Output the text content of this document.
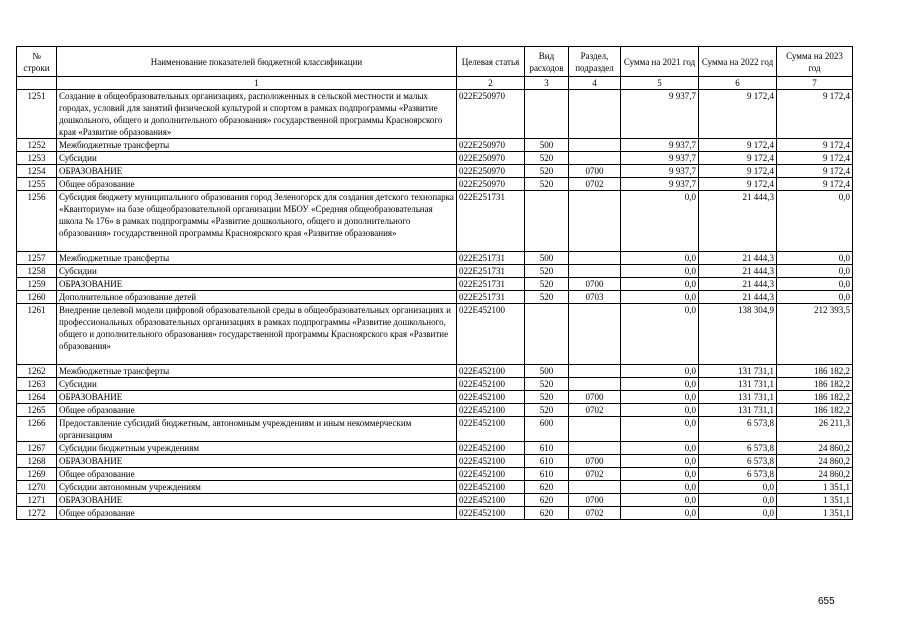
№ строки	Наименование показателей бюджетной классификации	Целевая статья	Вид расходов	Раздел, подраздел	Сумма на 2021 год	Сумма на 2022 год	Сумма на 2023 год
	1	2	3	4	5	6	7
1251	Создание в общеобразовательных организациях, расположенных в сельской местности и малых городах, условий для занятий физической культурой и спортом в рамках подпрограммы «Развитие дошкольного, общего и дополнительного образования» государственной программы Красноярского края «Развитие образования»	022Е250970			9 937,7	9 172,4	9 172,4
1252	Межбюджетные трансферты	022Е250970	500		9 937,7	9 172,4	9 172,4
1253	Субсидии	022Е250970	520		9 937,7	9 172,4	9 172,4
1254	ОБРАЗОВАНИЕ	022Е250970	520	0700	9 937,7	9 172,4	9 172,4
1255	Общее образование	022Е250970	520	0702	9 937,7	9 172,4	9 172,4
1256	Субсидия бюджету муниципального образования город Зеленогорск для создания детского технопарка «Кванториум» на базе общеобразовательной организации МБОУ «Средняя общеобразовательная школа № 176» в рамках подпрограммы «Развитие дошкольного, общего и дополнительного образования» государственной программы Красноярского края «Развитие образования»	022Е251731			0,0	21 444,3	0,0
1257	Межбюджетные трансферты	022Е251731	500		0,0	21 444,3	0,0
1258	Субсидии	022Е251731	520		0,0	21 444,3	0,0
1259	ОБРАЗОВАНИЕ	022Е251731	520	0700	0,0	21 444,3	0,0
1260	Дополнительное образование детей	022Е251731	520	0703	0,0	21 444,3	0,0
1261	Внедрение целевой модели цифровой образовательной среды в общеобразовательных организациях и профессиональных образовательных организациях в рамках подпрограммы «Развитие дошкольного, общего и дополнительного образования» государственной программы Красноярского края «Развитие образования»	022Е452100			0,0	138 304,9	212 393,5
1262	Межбюджетные трансферты	022Е452100	500		0,0	131 731,1	186 182,2
1263	Субсидии	022Е452100	520		0,0	131 731,1	186 182,2
1264	ОБРАЗОВАНИЕ	022Е452100	520	0700	0,0	131 731,1	186 182,2
1265	Общее образование	022Е452100	520	0702	0,0	131 731,1	186 182,2
1266	Предоставление субсидий бюджетным, автономным учреждениям и иным некоммерческим организациям	022Е452100	600		0,0	6 573,8	26 211,3
1267	Субсидии бюджетным учреждениям	022Е452100	610		0,0	6 573,8	24 860,2
1268	ОБРАЗОВАНИЕ	022Е452100	610	0700	0,0	6 573,8	24 860,2
1269	Общее образование	022Е452100	610	0702	0,0	6 573,8	24 860,2
1270	Субсидии автономным учреждениям	022Е452100	620		0,0	0,0	1 351,1
1271	ОБРАЗОВАНИЕ	022Е452100	620	0700	0,0	0,0	1 351,1
1272	Общее образование	022Е452100	620	0702	0,0	0,0	1 351,1
655
